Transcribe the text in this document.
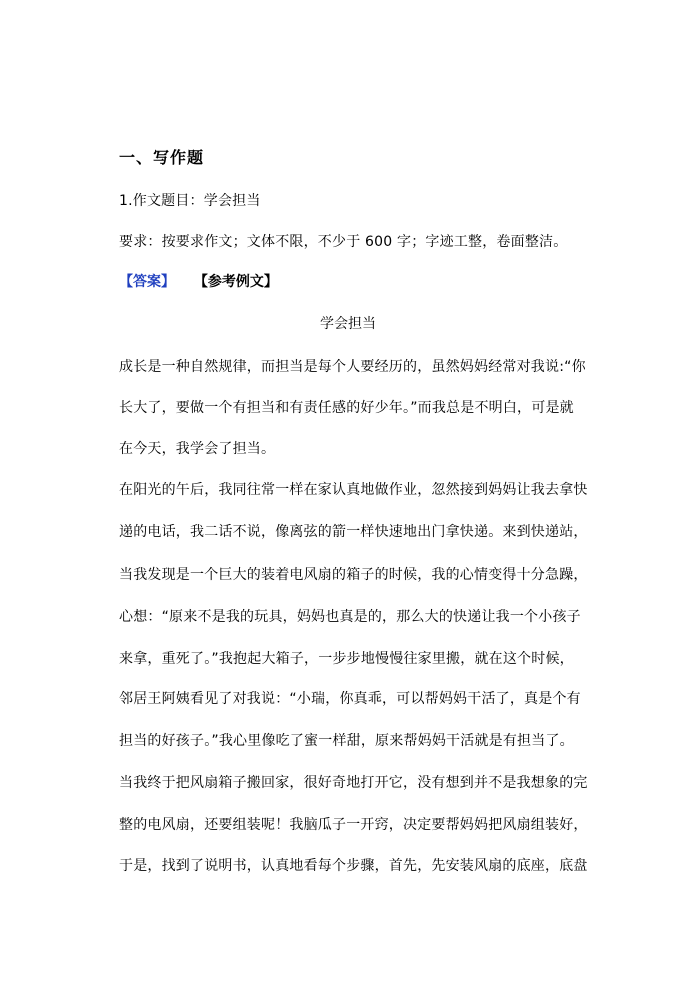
一、写作题
1.作文题目：学会担当
要求：按要求作文；文体不限，不少于 600 字；字迹工整，卷面整洁。
【答案】 【参考例文】
学会担当
成长是一种自然规律，而担当是每个人要经历的，虽然妈妈经常对我说:“你
长大了，要做一个有担当和有责任感的好少年。”而我总是不明白，可是就
在今天，我学会了担当。
在阳光的午后，我同往常一样在家认真地做作业，忽然接到妈妈让我去拿快
递的电话，我二话不说，像离弦的箭一样快速地出门拿快递。来到快递站，
当我发现是一个巨大的装着电风扇的箱子的时候，我的心情变得十分急躁，
心想：“原来不是我的玩具，妈妈也真是的，那么大的快递让我一个小孩子
来拿，重死了。”我抱起大箱子，一步步地慢慢往家里搬，就在这个时候，
邻居王阿姨看见了对我说：“小瑞，你真乖，可以帮妈妈干活了，真是个有
担当的好孩子。”我心里像吃了蜜一样甜，原来帮妈妈干活就是有担当了。
当我终于把风扇箱子搬回家，很好奇地打开它，没有想到并不是我想象的完
整的电风扇，还要组装呢！我脑瓜子一开窍，决定要帮妈妈把风扇组装好，
于是，找到了说明书，认真地看每个步骤，首先，先安装风扇的底座，底盘
